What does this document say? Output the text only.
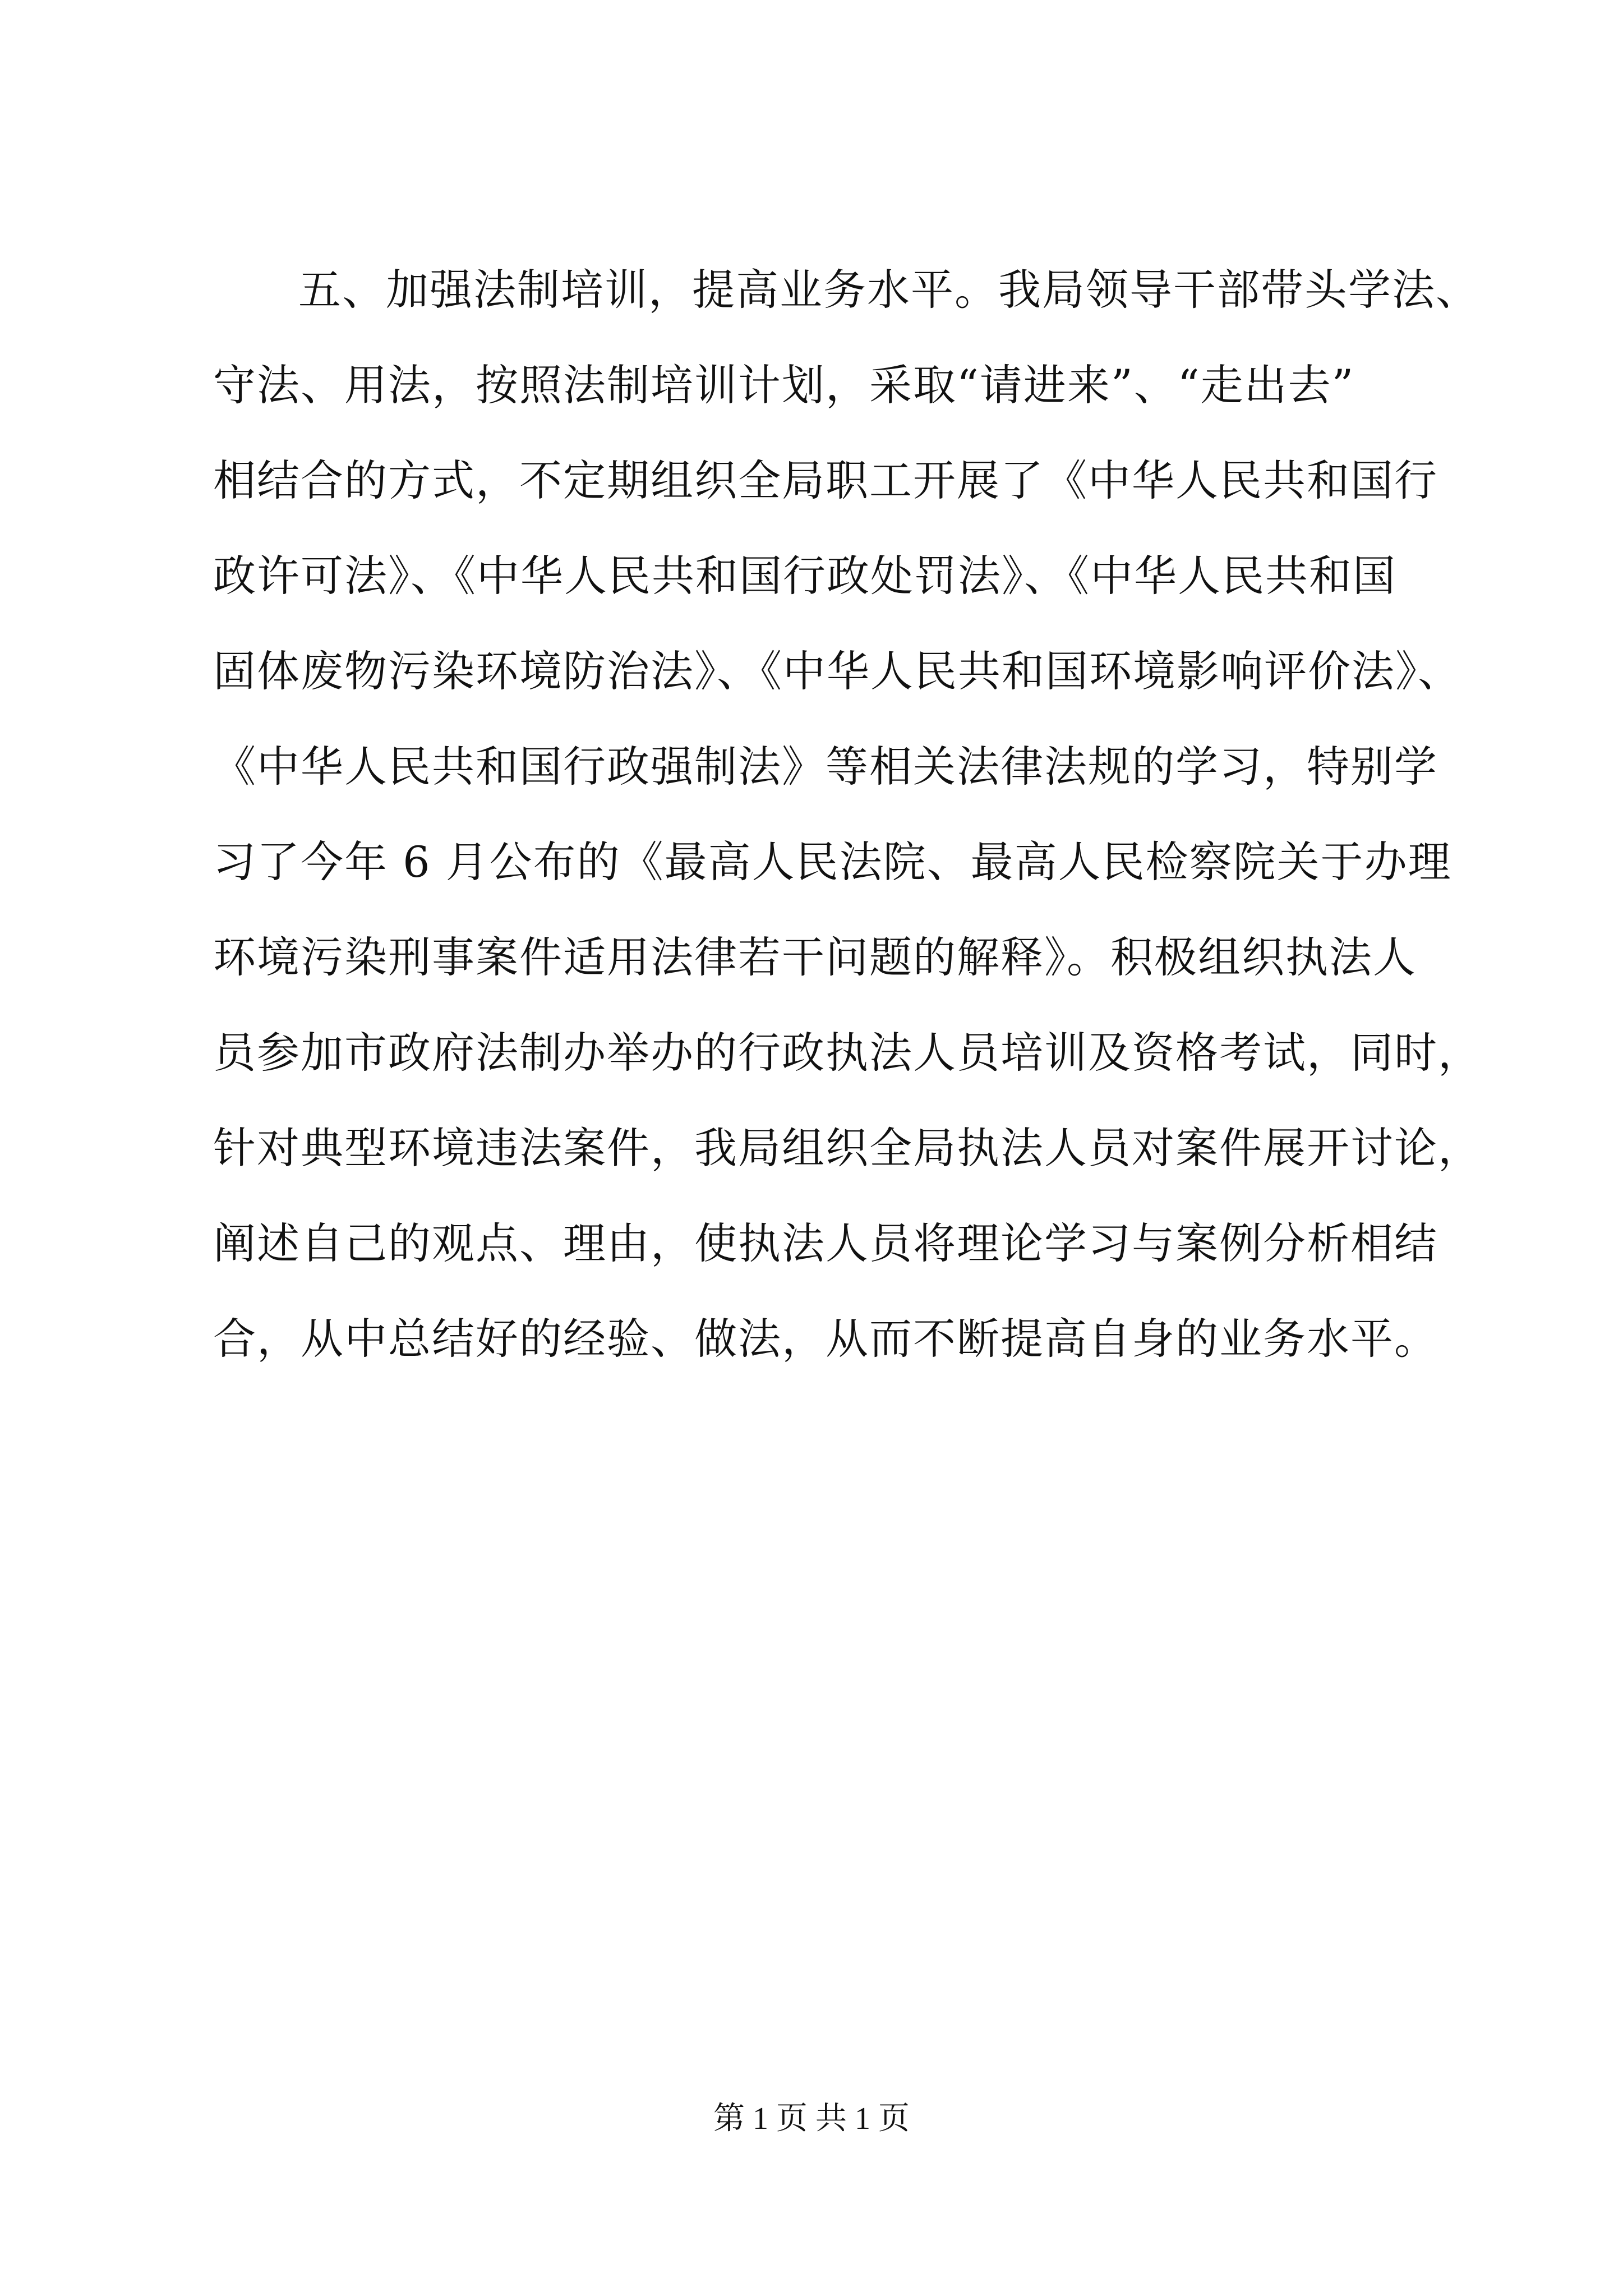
五、加强法制培训，提高业务水平。我局领导干部带头学法、
守法、用法，按照法制培训计划，采取“请进来”、“走出去”
相结合的方式，不定期组织全局职工开展了《中华人民共和国行
政许可法》、《中华人民共和国行政处罚法》、《中华人民共和国
固体废物污染环境防治法》、《中华人民共和国环境影响评价法》、
《中华人民共和国行政强制法》等相关法律法规的学习，特别学
习了今年 6 月公布的《最高人民法院、最高人民检察院关于办理
环境污染刑事案件适用法律若干问题的解释》。积极组织执法人
员参加市政府法制办举办的行政执法人员培训及资格考试，同时，
针对典型环境违法案件，我局组织全局执法人员对案件展开讨论，
阐述自己的观点、理由，使执法人员将理论学习与案例分析相结
合，从中总结好的经验、做法，从而不断提高自身的业务水平。
第 1 页 共 1 页
